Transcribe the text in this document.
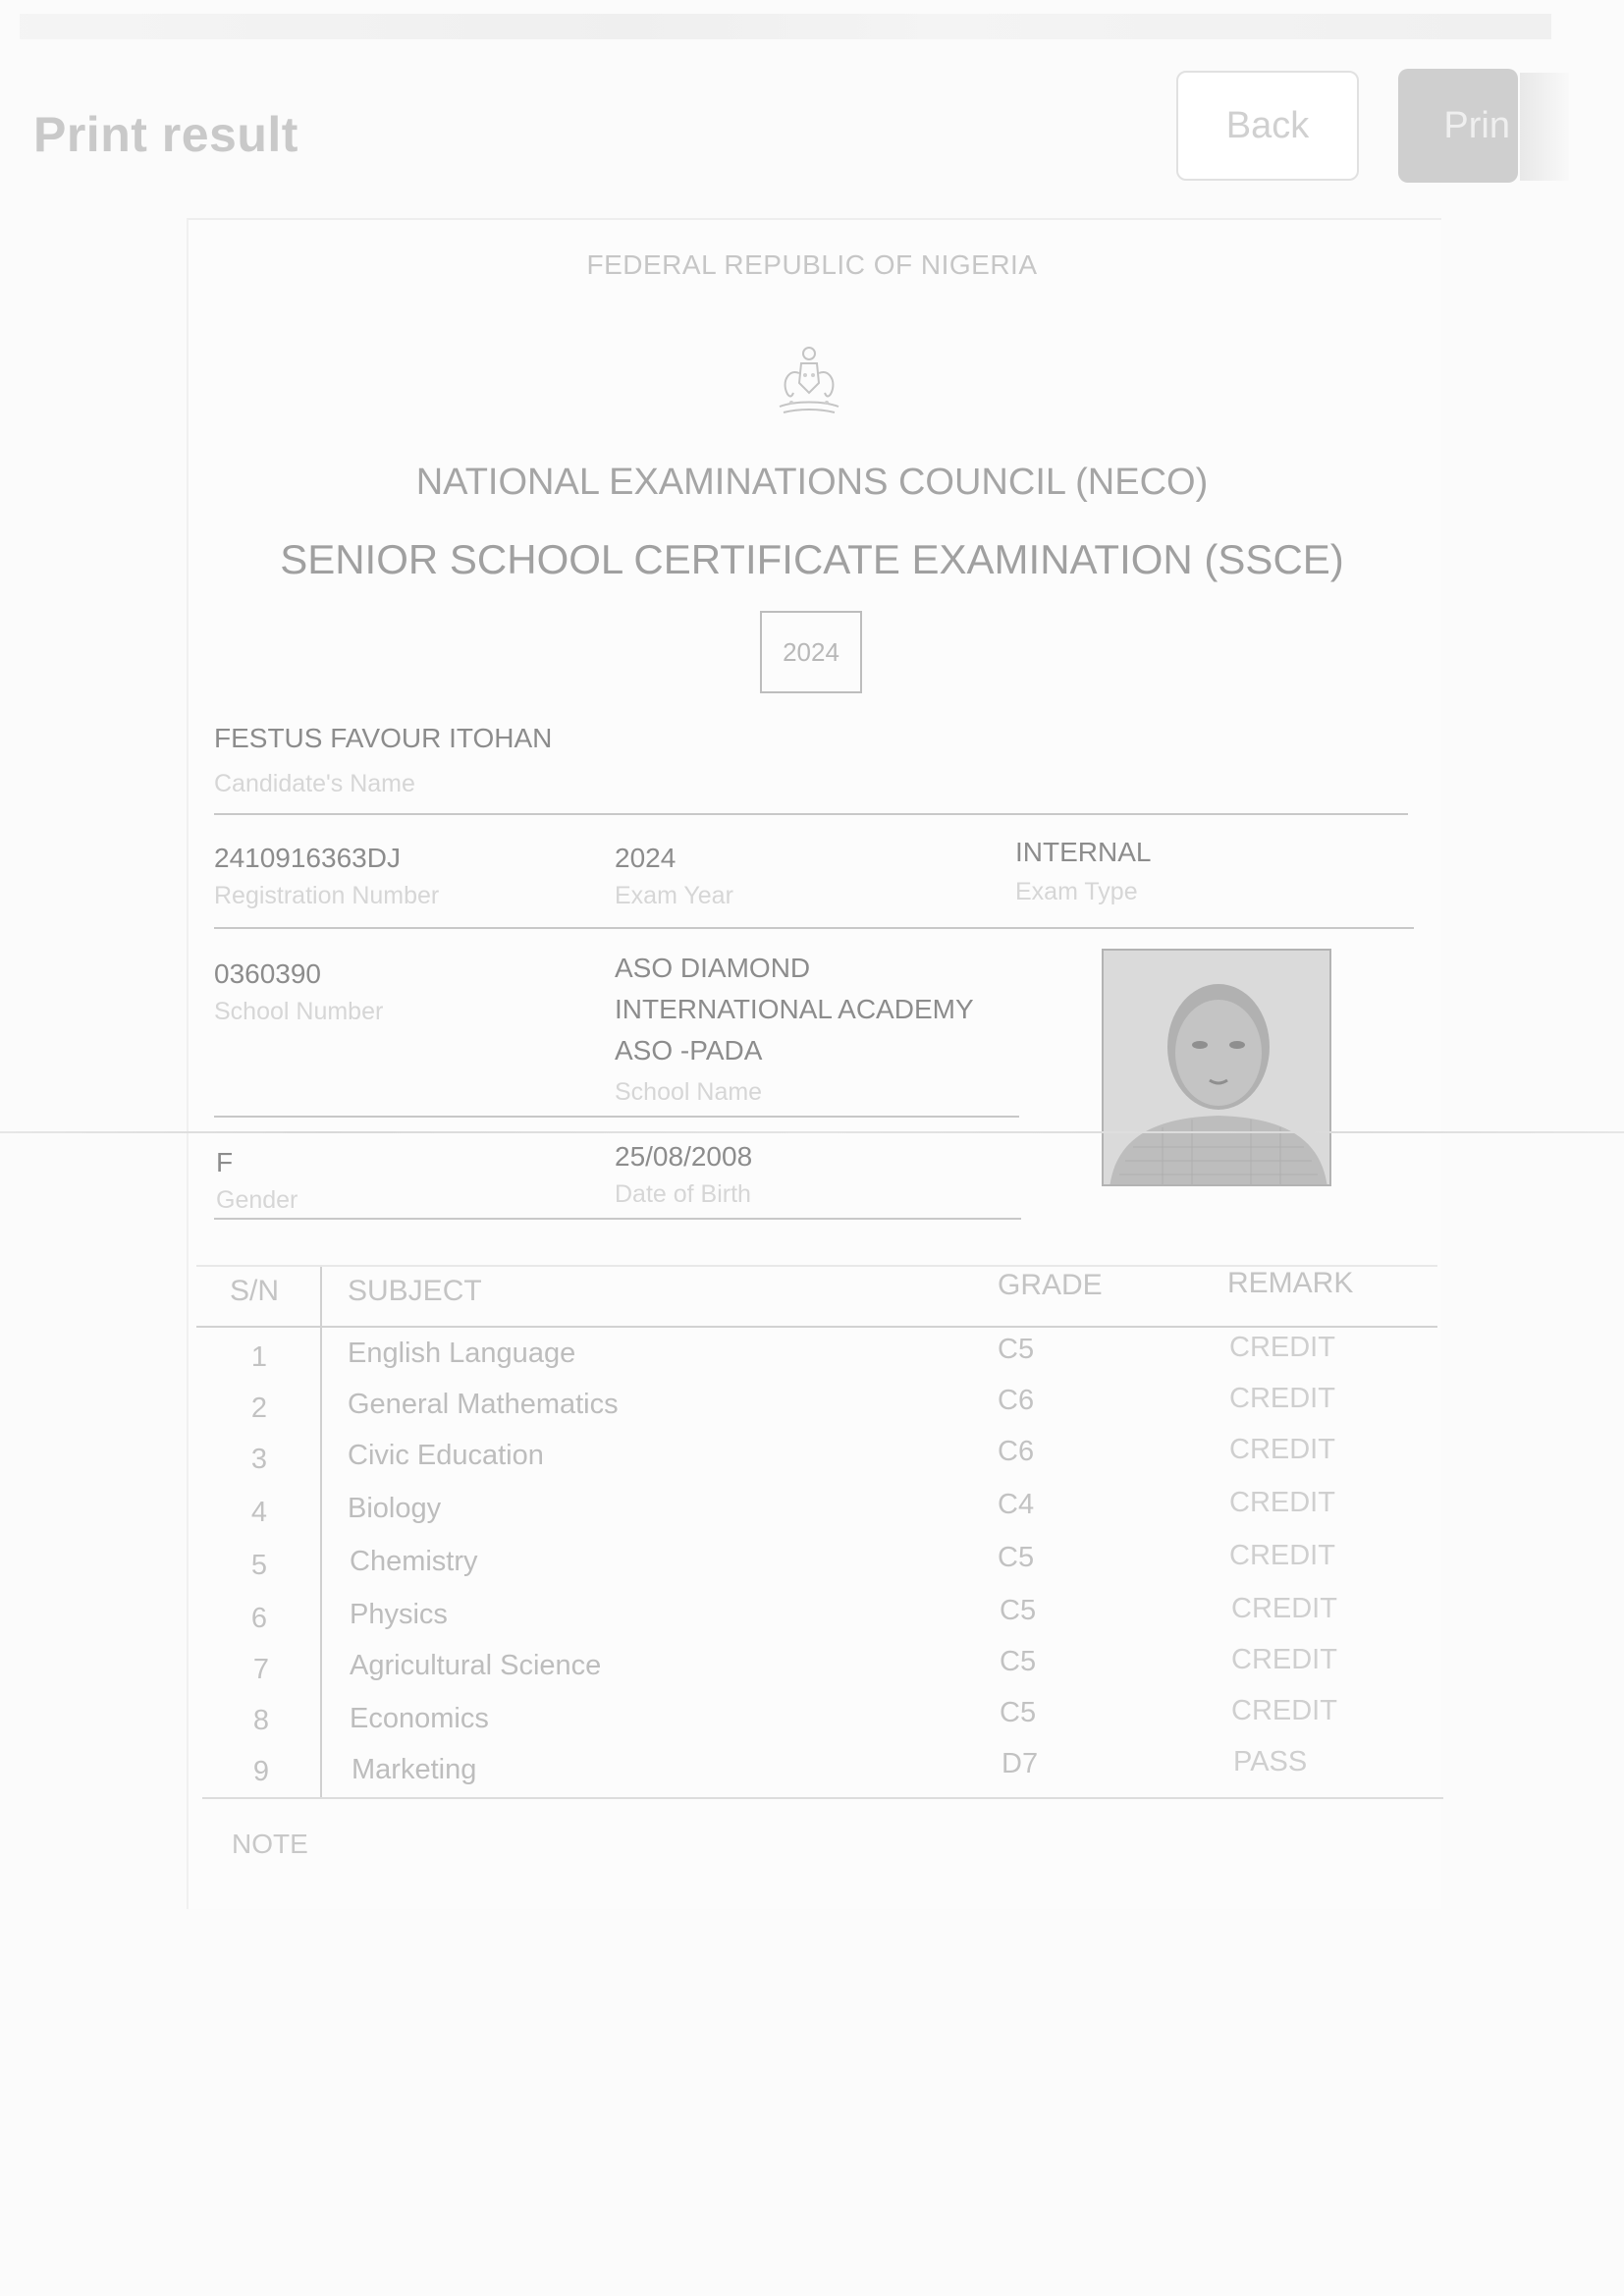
Print result	Back	Prin
FEDERAL REPUBLIC OF NIGERIA
NATIONAL EXAMINATIONS COUNCIL (NECO)
SENIOR SCHOOL CERTIFICATE EXAMINATION (SSCE)
2024
FESTUS FAVOUR ITOHAN
Candidate's Name
2410916363DJ
Registration Number
2024
Exam Year
INTERNAL
Exam Type
0360390
School Number
ASO DIAMOND
INTERNATIONAL ACADEMY
ASO -PADA
School Name
F
Gender
25/08/2008
Date of Birth
S/N SUBJECT	GRADE	REMARK
1	English Language	C5	CREDIT
2	General Mathematics	C6	CREDIT
3	Civic Education	C6	CREDIT
4	Biology	C4	CREDIT
5	Chemistry	C5	CREDIT
6	Physics	C5	CREDIT
7	Agricultural Science	C5	CREDIT
8	Economics	C5	CREDIT
9	Marketing	D7	PASS
NOTE
